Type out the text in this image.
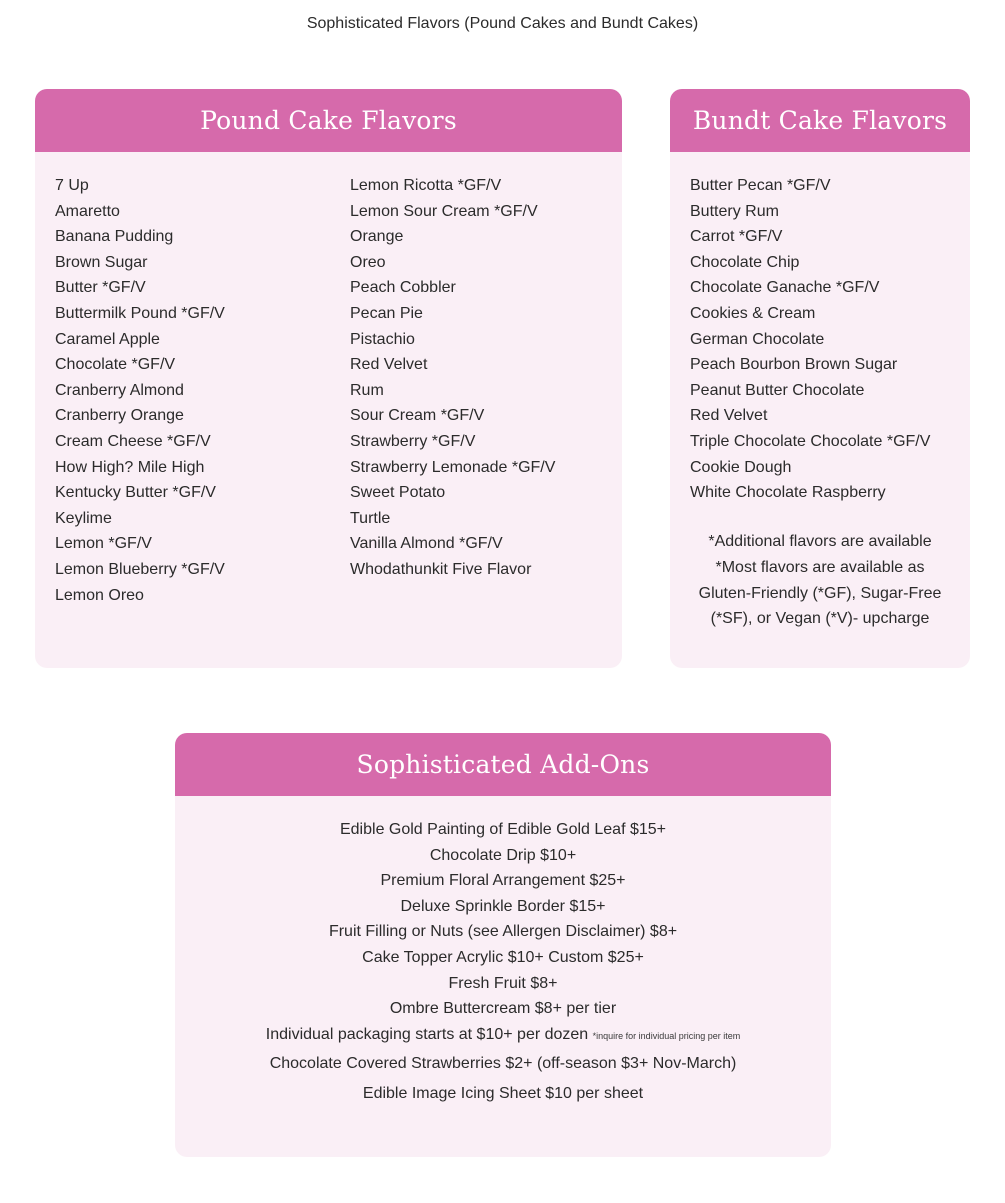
Sophisticated Flavors (Pound Cakes and Bundt Cakes)
Pound Cake Flavors
7 Up
Amaretto
Banana Pudding
Brown Sugar
Butter *GF/V
Buttermilk Pound *GF/V
Caramel Apple
Chocolate *GF/V
Cranberry Almond
Cranberry Orange
Cream Cheese *GF/V
How High? Mile High
Kentucky Butter *GF/V
Keylime
Lemon *GF/V
Lemon Blueberry *GF/V
Lemon Oreo
Lemon Ricotta *GF/V
Lemon Sour Cream *GF/V
Orange
Oreo
Peach Cobbler
Pecan Pie
Pistachio
Red Velvet
Rum
Sour Cream *GF/V
Strawberry *GF/V
Strawberry Lemonade *GF/V
Sweet Potato
Turtle
Vanilla Almond *GF/V
Whodathunkit Five Flavor
Bundt Cake Flavors
Butter Pecan *GF/V
Buttery Rum
Carrot *GF/V
Chocolate Chip
Chocolate Ganache *GF/V
Cookies & Cream
German Chocolate
Peach Bourbon Brown Sugar
Peanut Butter Chocolate
Red Velvet
Triple Chocolate Chocolate *GF/V
Cookie Dough
White Chocolate Raspberry

*Additional flavors are available

*Most flavors are available as

Gluten-Friendly (*GF), Sugar-Free

(*SF), or Vegan (*V)- upcharge

Sophisticated Add-Ons
Edible Gold Painting of Edible Gold Leaf $15+
Chocolate Drip $10+
Premium Floral Arrangement $25+
Deluxe Sprinkle Border $15+
Fruit Filling or Nuts (see Allergen Disclaimer) $8+
Cake Topper Acrylic $10+ Custom $25+
Fresh Fruit $8+
Ombre Buttercream $8+ per tier
Individual packaging starts at $10+ per dozen *inquire for individual pricing per item
Chocolate Covered Strawberries $2+ (off-season $3+ Nov-March)
Edible Image Icing Sheet $10 per sheet
